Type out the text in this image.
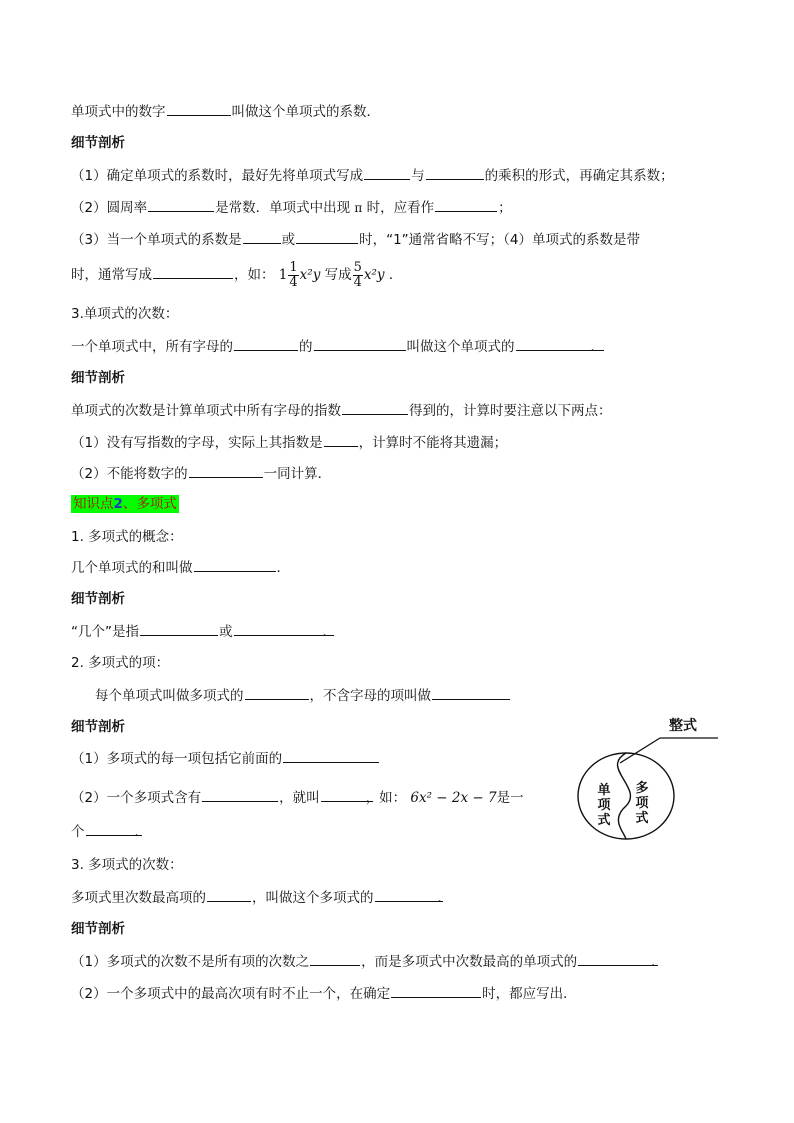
单项式中的数字	叫做这个单项式的系数．
细节剖析
（1）确定单项式的系数时，最好先将单项式写成	与	的乘积的形式，再确定其系数；
（2）圆周率	是常数．单项式中出现 π 时，应看作	；
（3）当一个单项式的系数是	或	时，“1”通常省略不写；（4）单项式的系数是带
时，通常写成	，如： $1 \frac{1}{4} x^2y$ 写成 $\frac{5}{4} x^2y$ ．
3.单项式的次数：
一个单项式中，所有字母的	的	叫做这个单项式的	．
细节剖析
单项式的次数是计算单项式中所有字母的指数	得到的，计算时要注意以下两点：
（1）没有写指数的字母，实际上其指数是	，计算时不能将其遗漏；
（2）不能将数字的	一同计算．
知识点2、多项式
1. 多项式的概念：
几个单项式的和叫做	．
细节剖析
“几个”是指	或	．
2. 多项式的项：
每个单项式叫做多项式的	，不含字母的项叫做
细节剖析
（1）多项式的每一项包括它前面的
（2）一个多项式含有	，就叫	，如： 6x² − 2x − 7是一
个	．
3. 多项式的次数：
多项式里次数最高项的	，叫做这个多项式的	．
细节剖析
（1）多项式的次数不是所有项的次数之	，而是多项式中次数最高的单项式的	．
（2）一个多项式中的最高次项有时不止一个，在确定	时，都应写出．
整式
单
项
式
多
项
式
